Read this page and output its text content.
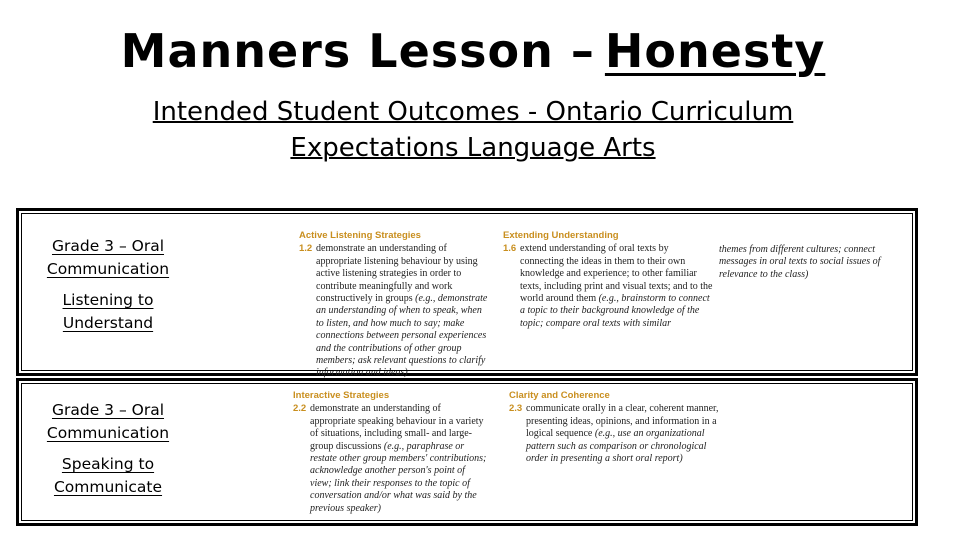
Manners Lesson – Honesty
Intended Student Outcomes - Ontario Curriculum
Expectations Language Arts
Grade 3 – Oral Communication
Listening to Understand
Active Listening Strategies
1.2 demonstrate an understanding of appropriate listening behaviour by using active listening strategies in order to contribute meaningfully and work constructively in groups (e.g., demonstrate an understanding of when to speak, when to listen, and how much to say; make connections between personal experiences and the contributions of other group members; ask relevant questions to clarify information and ideas)
Extending Understanding
1.6 extend understanding of oral texts by connecting the ideas in them to their own knowledge and experience; to other familiar texts, including print and visual texts; and to the world around them (e.g., brainstorm to connect a topic to their background knowledge of the topic; compare oral texts with similar
themes from different cultures; connect messages in oral texts to social issues of relevance to the class)
Grade 3 – Oral Communication
Speaking to Communicate
Interactive Strategies
2.2 demonstrate an understanding of appropriate speaking behaviour in a variety of situations, including small- and large-group discussions (e.g., paraphrase or restate other group members' contributions; acknowledge another person's point of view; link their responses to the topic of conversation and/or what was said by the previous speaker)
Clarity and Coherence
2.3 communicate orally in a clear, coherent manner, presenting ideas, opinions, and information in a logical sequence (e.g., use an organizational pattern such as comparison or chronological order in presenting a short oral report)
